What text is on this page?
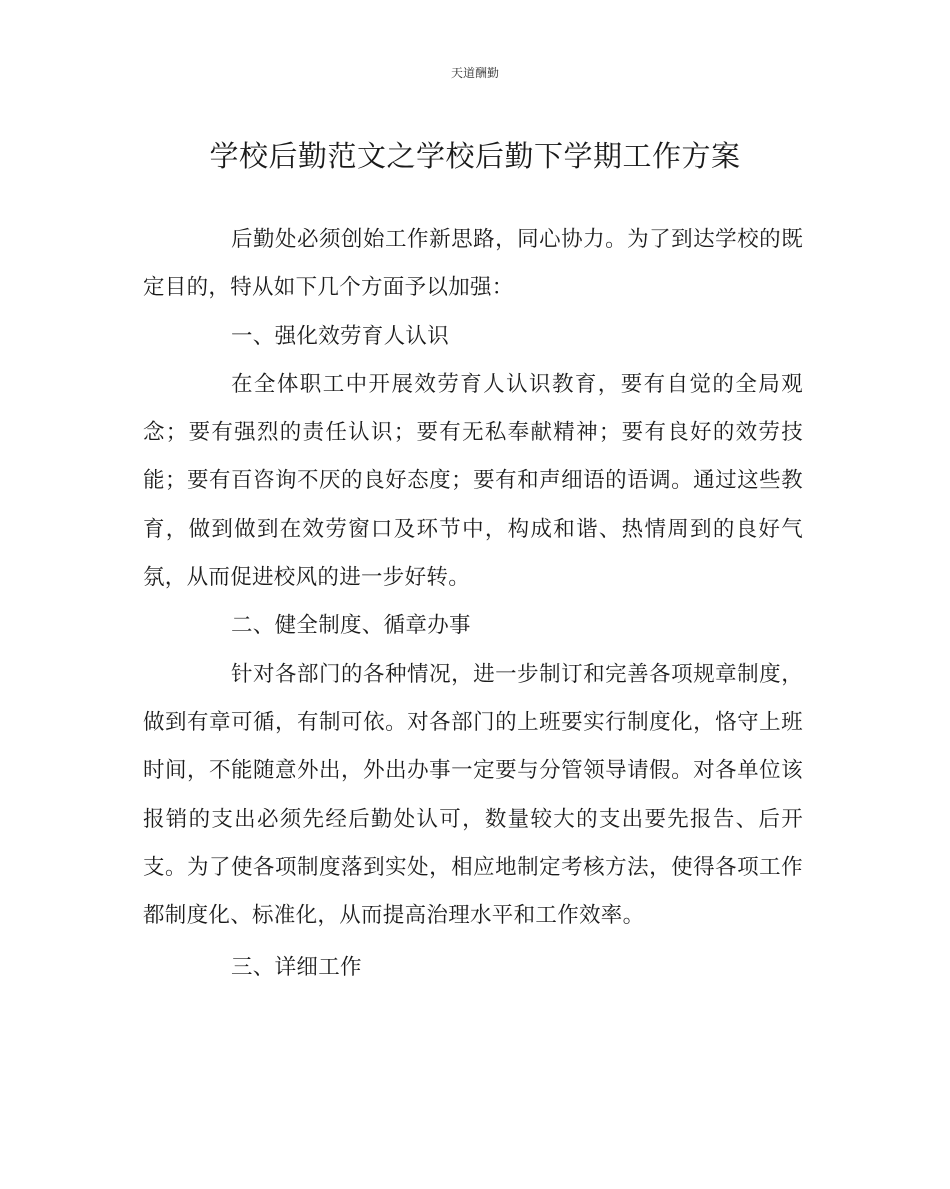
天道酬勤
学校后勤范文之学校后勤下学期工作方案

后勤处必须创始工作新思路，同心协力。为了到达学校的既定目的，特从如下几个方面予以加强：

一、强化效劳育人认识

在全体职工中开展效劳育人认识教育，要有自觉的全局观念；要有强烈的责任认识；要有无私奉献精神；要有良好的效劳技能；要有百咨询不厌的良好态度；要有和声细语的语调。通过这些教育，做到做到在效劳窗口及环节中，构成和谐、热情周到的良好气氛，从而促进校风的进一步好转。

二、健全制度、循章办事

针对各部门的各种情况，进一步制订和完善各项规章制度，做到有章可循，有制可依。对各部门的上班要实行制度化，恪守上班时间，不能随意外出，外出办事一定要与分管领导请假。对各单位该报销的支出必须先经后勤处认可，数量较大的支出要先报告、后开支。为了使各项制度落到实处，相应地制定考核方法，使得各项工作都制度化、标准化，从而提高治理水平和工作效率。

三、详细工作
